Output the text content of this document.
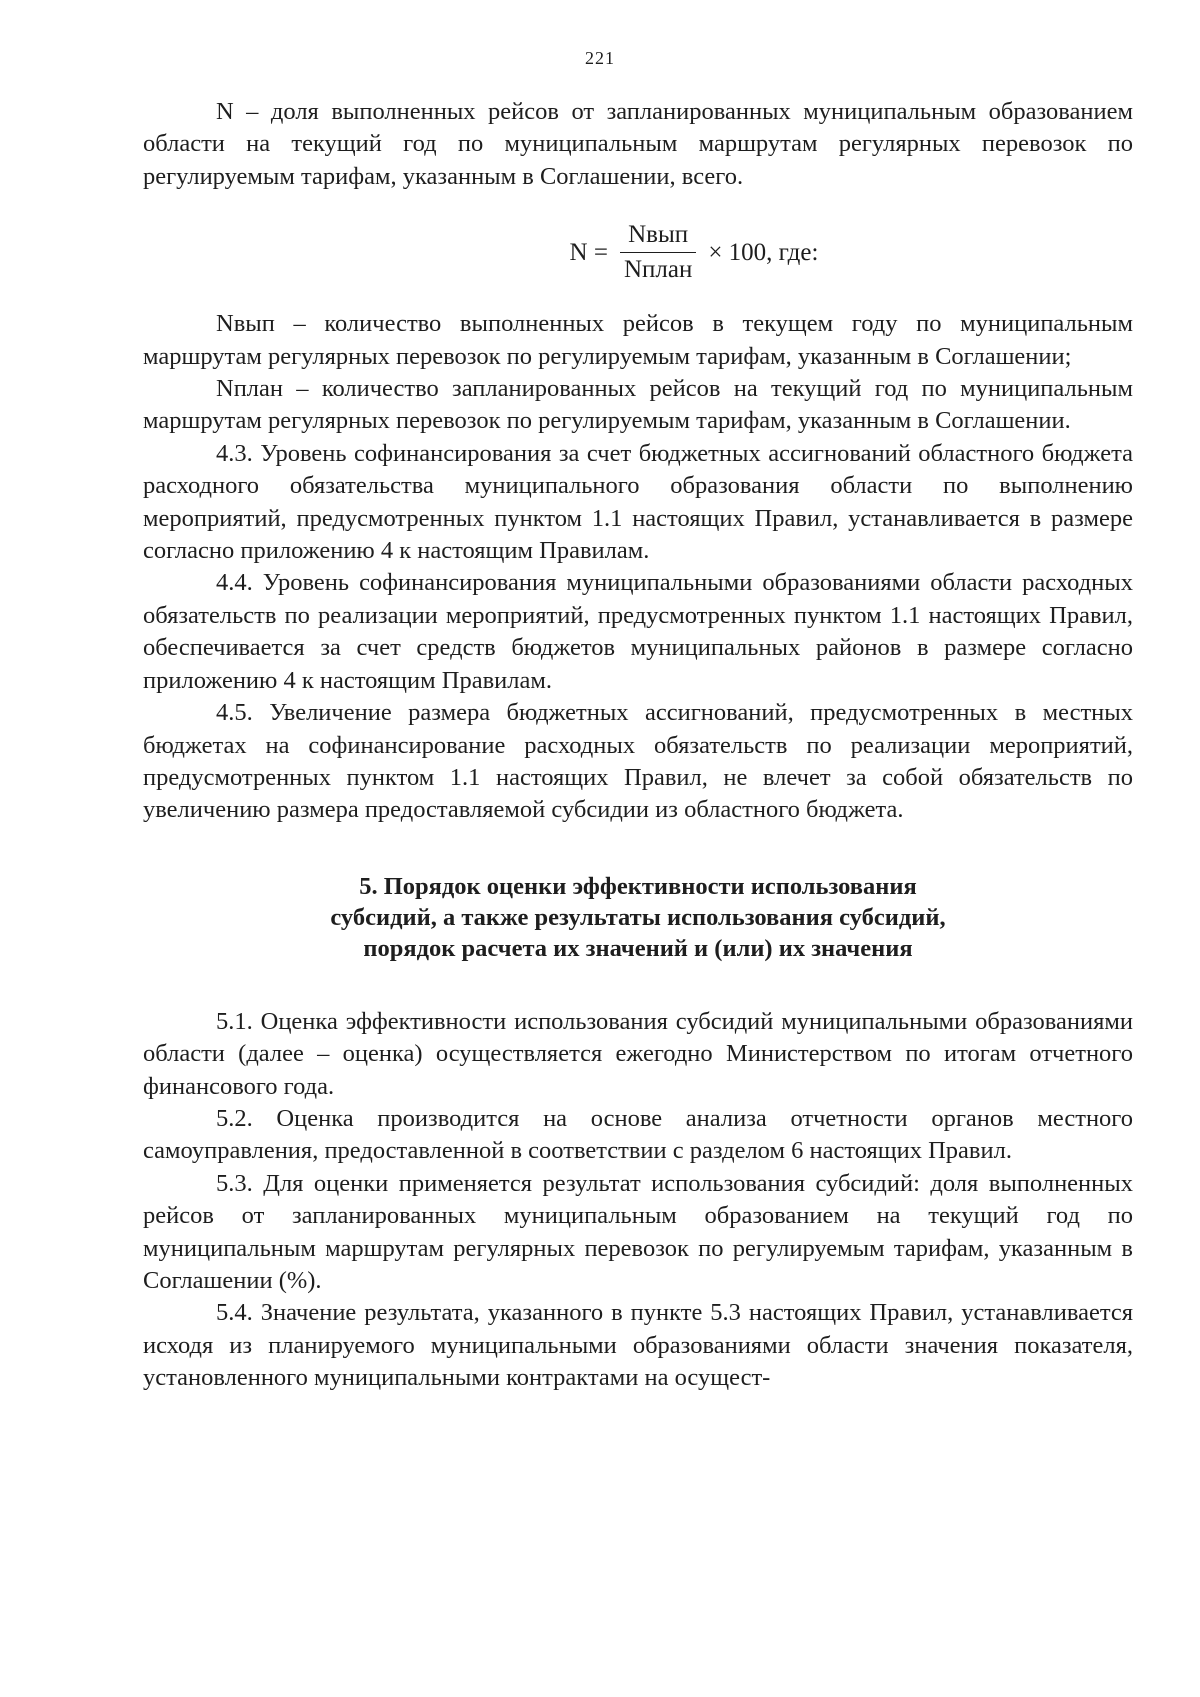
221

N – доля выполненных рейсов от запланированных муниципальным образованием области на текущий год по муниципальным маршрутам регулярных перевозок по регулируемым тарифам, указанным в Соглашении, всего.

$N = \frac{\text{Nвып}}{\text{Nплан}} \times 100$, где:

Nвып – количество выполненных рейсов в текущем году по муниципальным маршрутам регулярных перевозок по регулируемым тарифам, указанным в Соглашении;

Nплан – количество запланированных рейсов на текущий год по муниципальным маршрутам регулярных перевозок по регулируемым тарифам, указанным в Соглашении.

4.3. Уровень софинансирования за счет бюджетных ассигнований областного бюджета расходного обязательства муниципального образования области по выполнению мероприятий, предусмотренных пунктом 1.1 настоящих Правил, устанавливается в размере согласно приложению 4 к настоящим Правилам.

4.4. Уровень софинансирования муниципальными образованиями области расходных обязательств по реализации мероприятий, предусмотренных пунктом 1.1 настоящих Правил, обеспечивается за счет средств бюджетов муниципальных районов в размере согласно приложению 4 к настоящим Правилам.

4.5. Увеличение размера бюджетных ассигнований, предусмотренных в местных бюджетах на софинансирование расходных обязательств по реализации мероприятий, предусмотренных пунктом 1.1 настоящих Правил, не влечет за собой обязательств по увеличению размера предоставляемой субсидии из областного бюджета.

5. Порядок оценки эффективности использования
субсидий, а также результаты использования субсидий,
порядок расчета их значений и (или) их значения

5.1. Оценка эффективности использования субсидий муниципальными образованиями области (далее – оценка) осуществляется ежегодно Министерством по итогам отчетного финансового года.

5.2. Оценка производится на основе анализа отчетности органов местного самоуправления, предоставленной в соответствии с разделом 6 настоящих Правил.

5.3. Для оценки применяется результат использования субсидий: доля выполненных рейсов от запланированных муниципальным образованием на текущий год по муниципальным маршрутам регулярных перевозок по регулируемым тарифам, указанным в Соглашении (%).

5.4. Значение результата, указанного в пункте 5.3 настоящих Правил, устанавливается исходя из планируемого муниципальными образованиями области значения показателя, установленного муниципальными контрактами на осущест-
